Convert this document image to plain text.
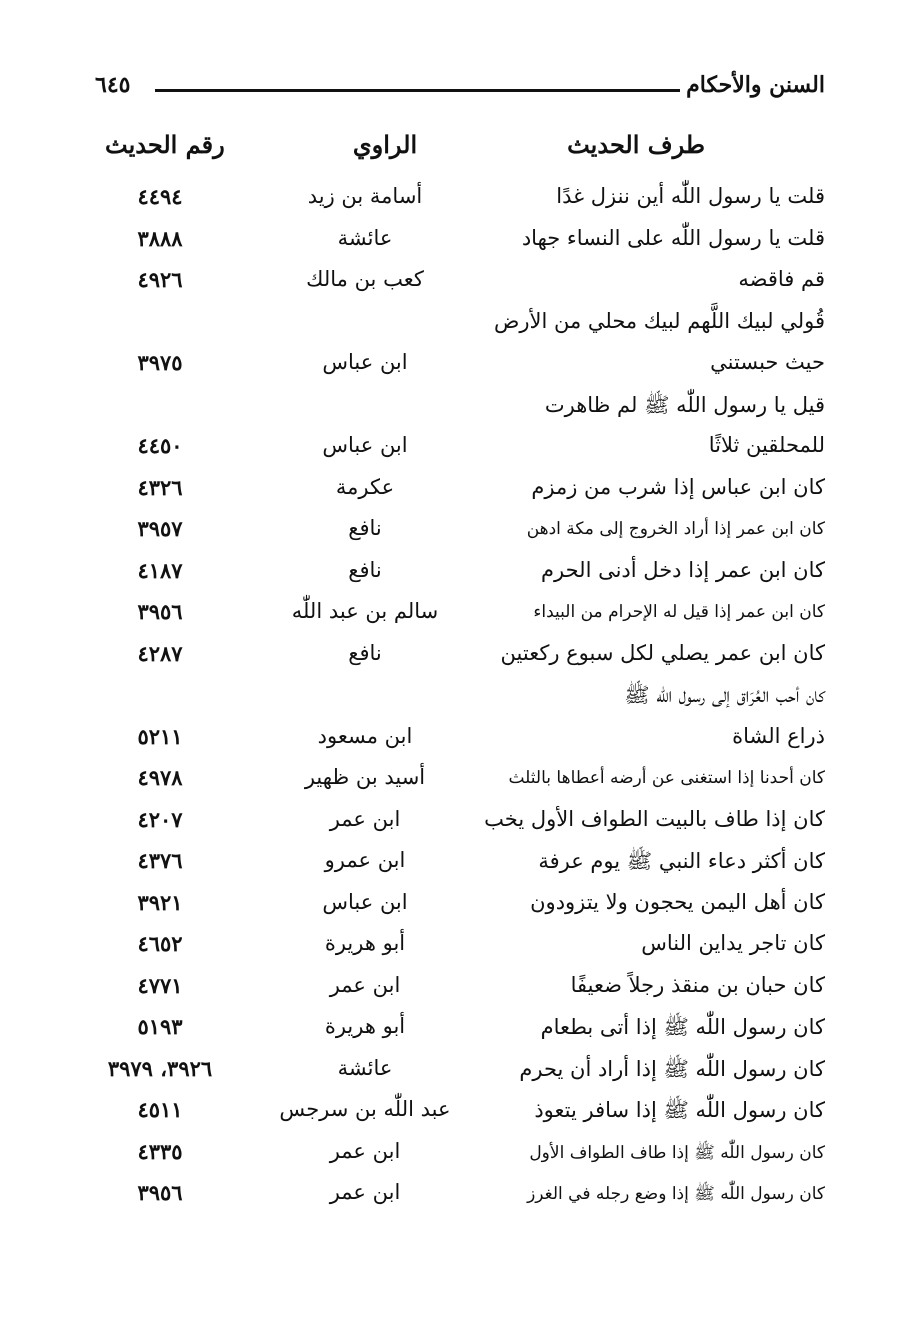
السنن والأحكام
٦٤٥
طرف الحديث
الراوي
رقم الحديث
قلت يا رسول اللّٰه أين ننزل غدًا
أسامة بن زيد
٤٤٩٤
قلت يا رسول اللّٰه على النساء جهاد
عائشة
٣٨٨٨
قم فاقضه
كعب بن مالك
٤٩٢٦
قُولي لبيك اللَّهم لبيك محلي من الأرض
حيث حبستني
ابن عباس
٣٩٧٥
قيل يا رسول اللّٰه ﷺ لم ظاهرت
للمحلقين ثلاثًا
ابن عباس
٤٤٥٠
كان ابن عباس إذا شرب من زمزم
عكرمة
٤٣٢٦
كان ابن عمر إذا أراد الخروج إلى مكة ادهن
نافع
٣٩٥٧
كان ابن عمر إذا دخل أدنى الحرم
نافع
٤١٨٧
كان ابن عمر إذا قيل له الإحرام من البيداء
سالم بن عبد اللّٰه
٣٩٥٦
كان ابن عمر يصلي لكل سبوع ركعتين
نافع
٤٢٨٧
كان أحب العُرَاق إلى رسول اللّٰه ﷺ
ذراع الشاة
ابن مسعود
٥٢١١
كان أحدنا إذا استغنى عن أرضه أعطاها بالثلث
أسيد بن ظهير
٤٩٧٨
كان إذا طاف بالبيت الطواف الأول يخب
ابن عمر
٤٢٠٧
كان أكثر دعاء النبي ﷺ يوم عرفة
ابن عمرو
٤٣٧٦
كان أهل اليمن يحجون ولا يتزودون
ابن عباس
٣٩٢١
كان تاجر يداين الناس
أبو هريرة
٤٦٥٢
كان حبان بن منقذ رجلاً ضعيفًا
ابن عمر
٤٧٧١
كان رسول اللّٰه ﷺ إذا أتى بطعام
أبو هريرة
٥١٩٣
كان رسول اللّٰه ﷺ إذا أراد أن يحرم
عائشة
٣٩٢٦، ٣٩٧٩
كان رسول اللّٰه ﷺ إذا سافر يتعوذ
عبد اللّٰه بن سرجس
٤٥١١
كان رسول اللّٰه ﷺ إذا طاف الطواف الأول
ابن عمر
٤٣٣٥
كان رسول اللّٰه ﷺ إذا وضع رجله في الغرز
ابن عمر
٣٩٥٦
